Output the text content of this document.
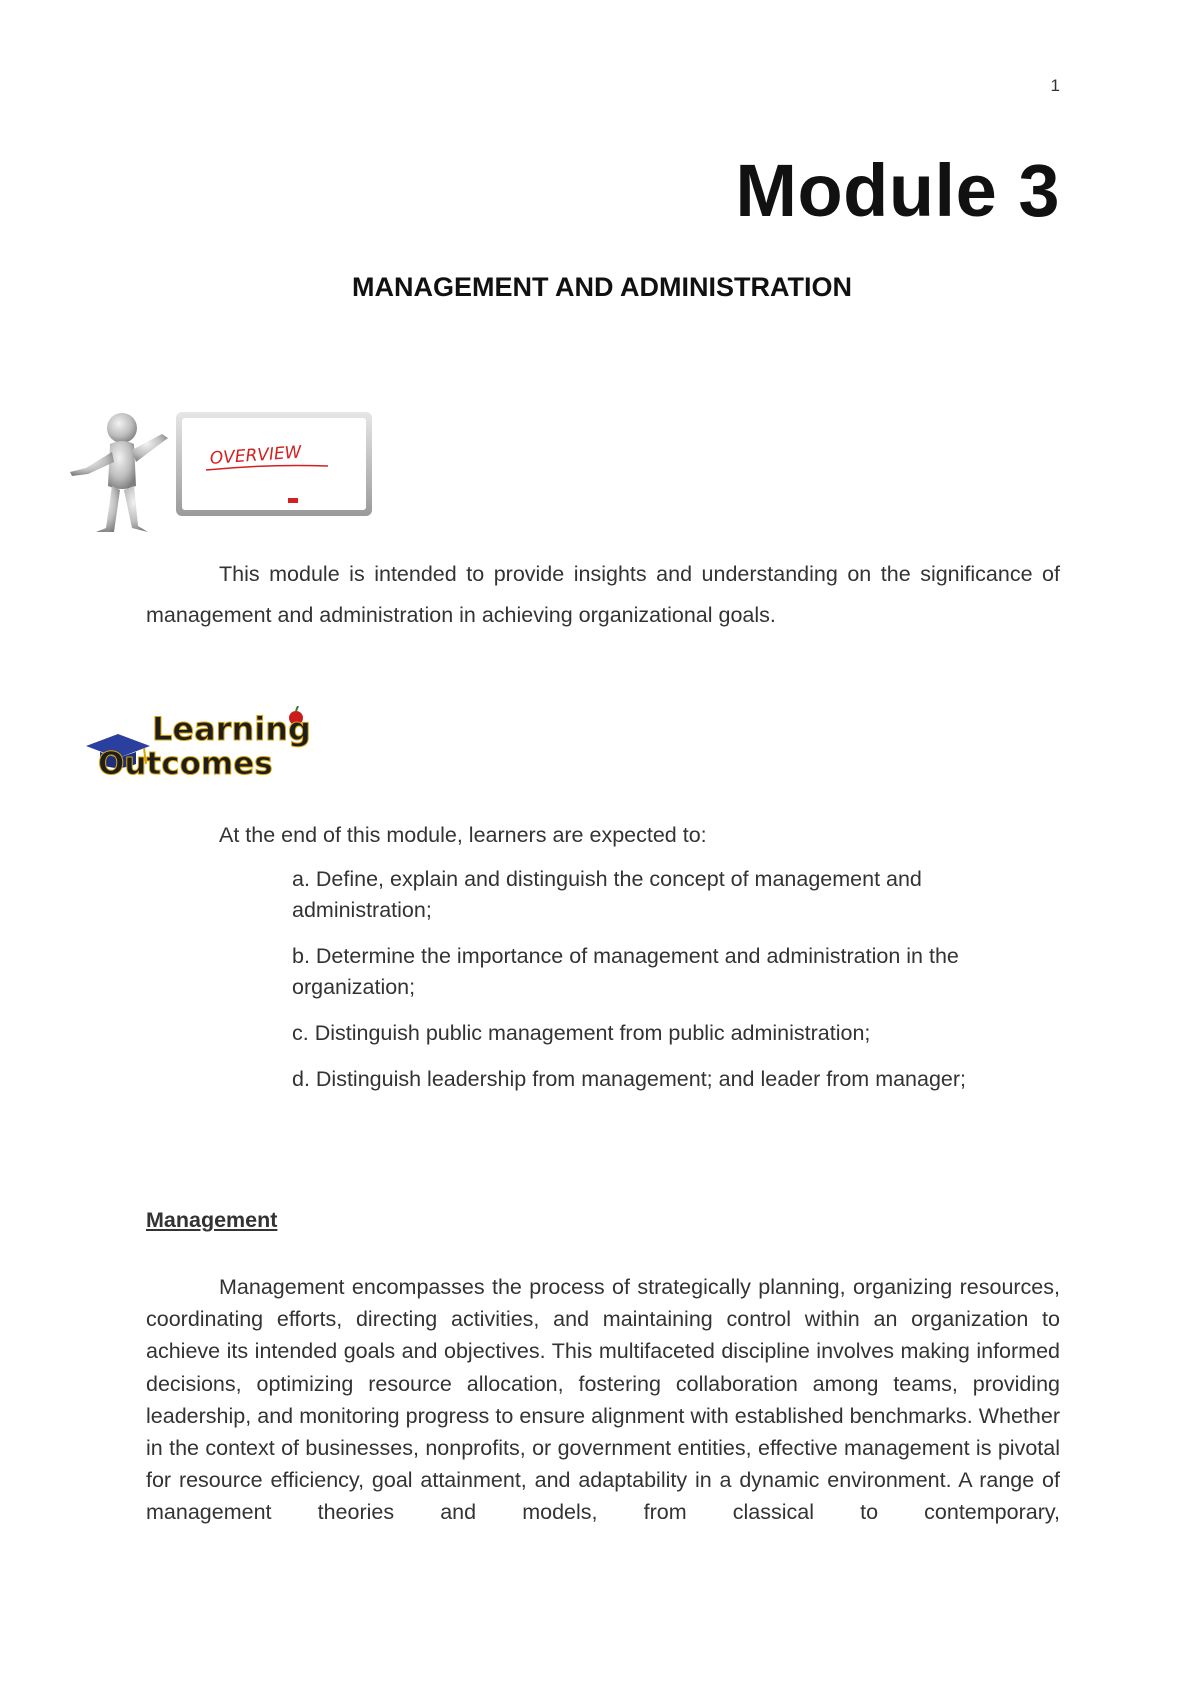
1
Module 3
MANAGEMENT AND ADMINISTRATION
OVERVIEW
This module is intended to provide insights and understanding on the significance of management and administration in achieving organizational goals.
Learning
Outcomes
At the end of this module, learners are expected to:
a. Define, explain and distinguish the concept of management and administration;
b. Determine the importance of management and administration in the organization;
c. Distinguish public management from public administration;
d. Distinguish leadership from management; and leader from manager;
Management
Management encompasses the process of strategically planning, organizing resources, coordinating efforts, directing activities, and maintaining control within an organization to achieve its intended goals and objectives. This multifaceted discipline involves making informed decisions, optimizing resource allocation, fostering collaboration among teams, providing leadership, and monitoring progress to ensure alignment with established benchmarks. Whether in the context of businesses, nonprofits, or government entities, effective management is pivotal for resource efficiency, goal attainment, and adaptability in a dynamic environment. A range of management theories and models, from classical to contemporary,
